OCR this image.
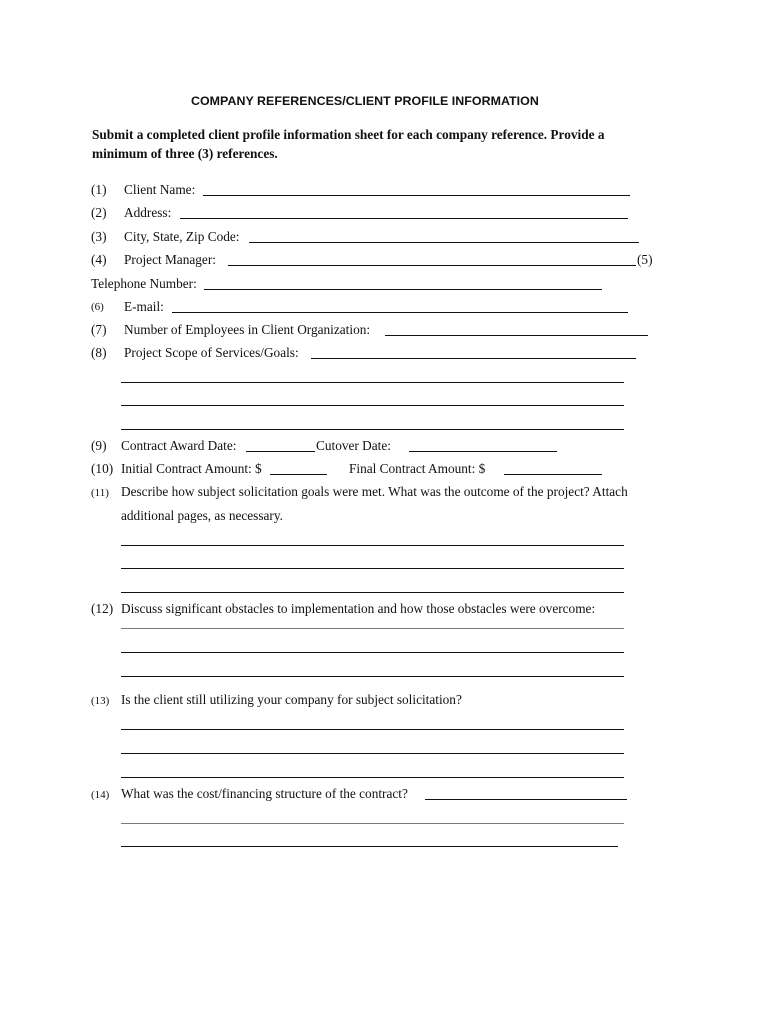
COMPANY REFERENCES/CLIENT PROFILE INFORMATION
Submit a completed client profile information sheet for each company reference. Provide a
minimum of three (3) references.
(1) Client Name:
(2) Address:
(3) City, State, Zip Code:
(4) Project Manager:	(5)
Telephone Number:
(6) E-mail:
(7) Number of Employees in Client Organization:
(8) Project Scope of Services/Goals:
(9) Contract Award Date:	Cutover Date:
(10) Initial Contract Amount: $	Final Contract Amount: $
(11) Describe how subject solicitation goals were met. What was the outcome of the project? Attach
additional pages, as necessary.
(12) Discuss significant obstacles to implementation and how those obstacles were overcome:
(13) Is the client still utilizing your company for subject solicitation?
(14) What was the cost/financing structure of the contract?
